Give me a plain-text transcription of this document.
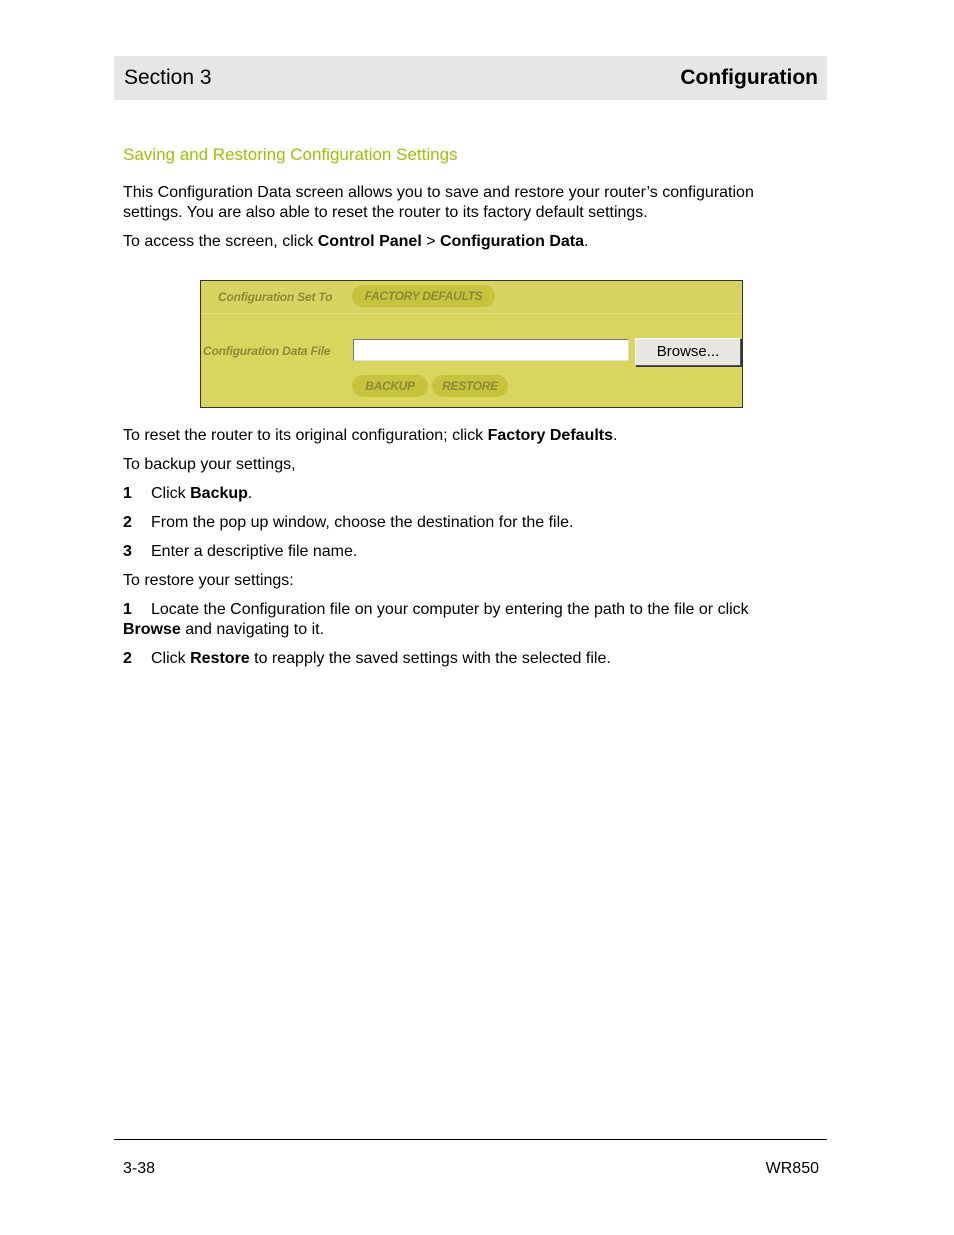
Section 3	Configuration
Saving and Restoring Configuration Settings
This Configuration Data screen allows you to save and restore your router’s configuration
settings. You are also able to reset the router to its factory default settings.
To access the screen, click Control Panel > Configuration Data.
Configuration Set To	FACTORY DEFAULTS
Configuration Data File	Browse...
BACKUP	RESTORE
To reset the router to its original configuration; click Factory Defaults.
To backup your settings,
1 Click Backup.
2 From the pop up window, choose the destination for the file.
3 Enter a descriptive file name.
To restore your settings:
1 Locate the Configuration file on your computer by entering the path to the file or click
Browse and navigating to it.
2 Click Restore to reapply the saved settings with the selected file.
3-38	WR850
